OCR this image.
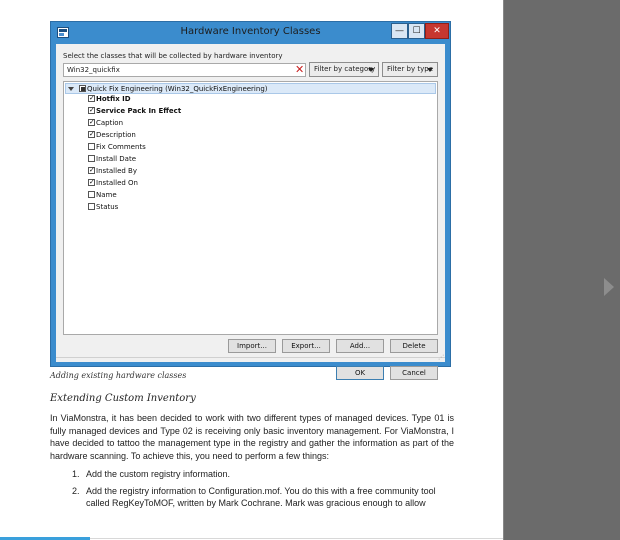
Hardware Inventory Classes	— ☐	✕
Select the classes that will be collected by hardware inventory
Win32_quickfix	✕	Filter by category	Filter by type
Quick Fix Engineering (Win32_QuickFixEngineering)
✓
Hotfix ID
✓
Service Pack In Effect
✓
Caption
✓
Description
Fix Comments
Install Date
✓
Installed By
✓
Installed On
Name
Status
Import...	Export...	Add...	Delete
OK	Cancel
⋰
Adding existing hardware classes
Extending Custom Inventory
In ViaMonstra, it has been decided to work with two different types of managed devices. Type 01 is fully managed devices and Type 02 is receiving only basic inventory management. For ViaMonstra, I have decided to tattoo the management type in the registry and gather the information as part of the hardware scanning. To achieve this, you need to perform a few things:
1. Add the custom registry information.
2. Add the registry information to Configuration.mof. You do this with a free community tool called RegKeyToMOF, written by Mark Cochrane. Mark was gracious enough to allow
